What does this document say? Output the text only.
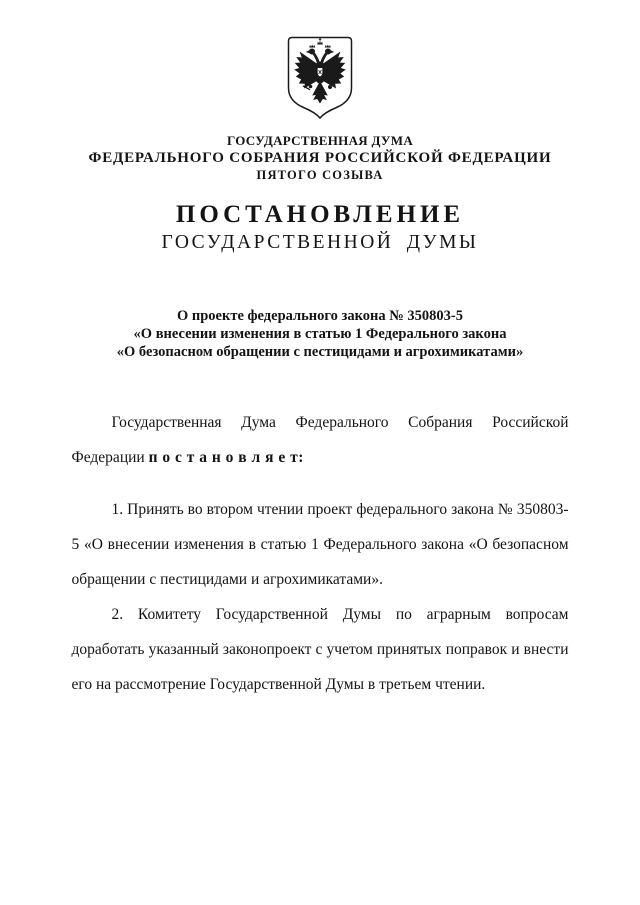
ГОСУДАРСТВЕННАЯ ДУМА
ФЕДЕРАЛЬНОГО СОБРАНИЯ РОССИЙСКОЙ ФЕДЕРАЦИИ
ПЯТОГО СОЗЫВА

ПОСТАНОВЛЕНИЕ

ГОСУДАРСТВЕННОЙ ДУМЫ

О проекте федерального закона № 350803-5
«О внесении изменения в статью 1 Федерального закона
«О безопасном обращении с пестицидами и агрохимикатами»

Государственная Дума Федерального Собрания Российской Федерации п о с т а н о в л я е т:

1. Принять во втором чтении проект федерального закона № 350803-5 «О внесении изменения в статью 1 Федерального закона «О безопасном обращении с пестицидами и агрохимикатами».

2. Комитету Государственной Думы по аграрным вопросам доработать указанный законопроект с учетом принятых поправок и внести его на рассмотрение Государственной Думы в третьем чтении.
